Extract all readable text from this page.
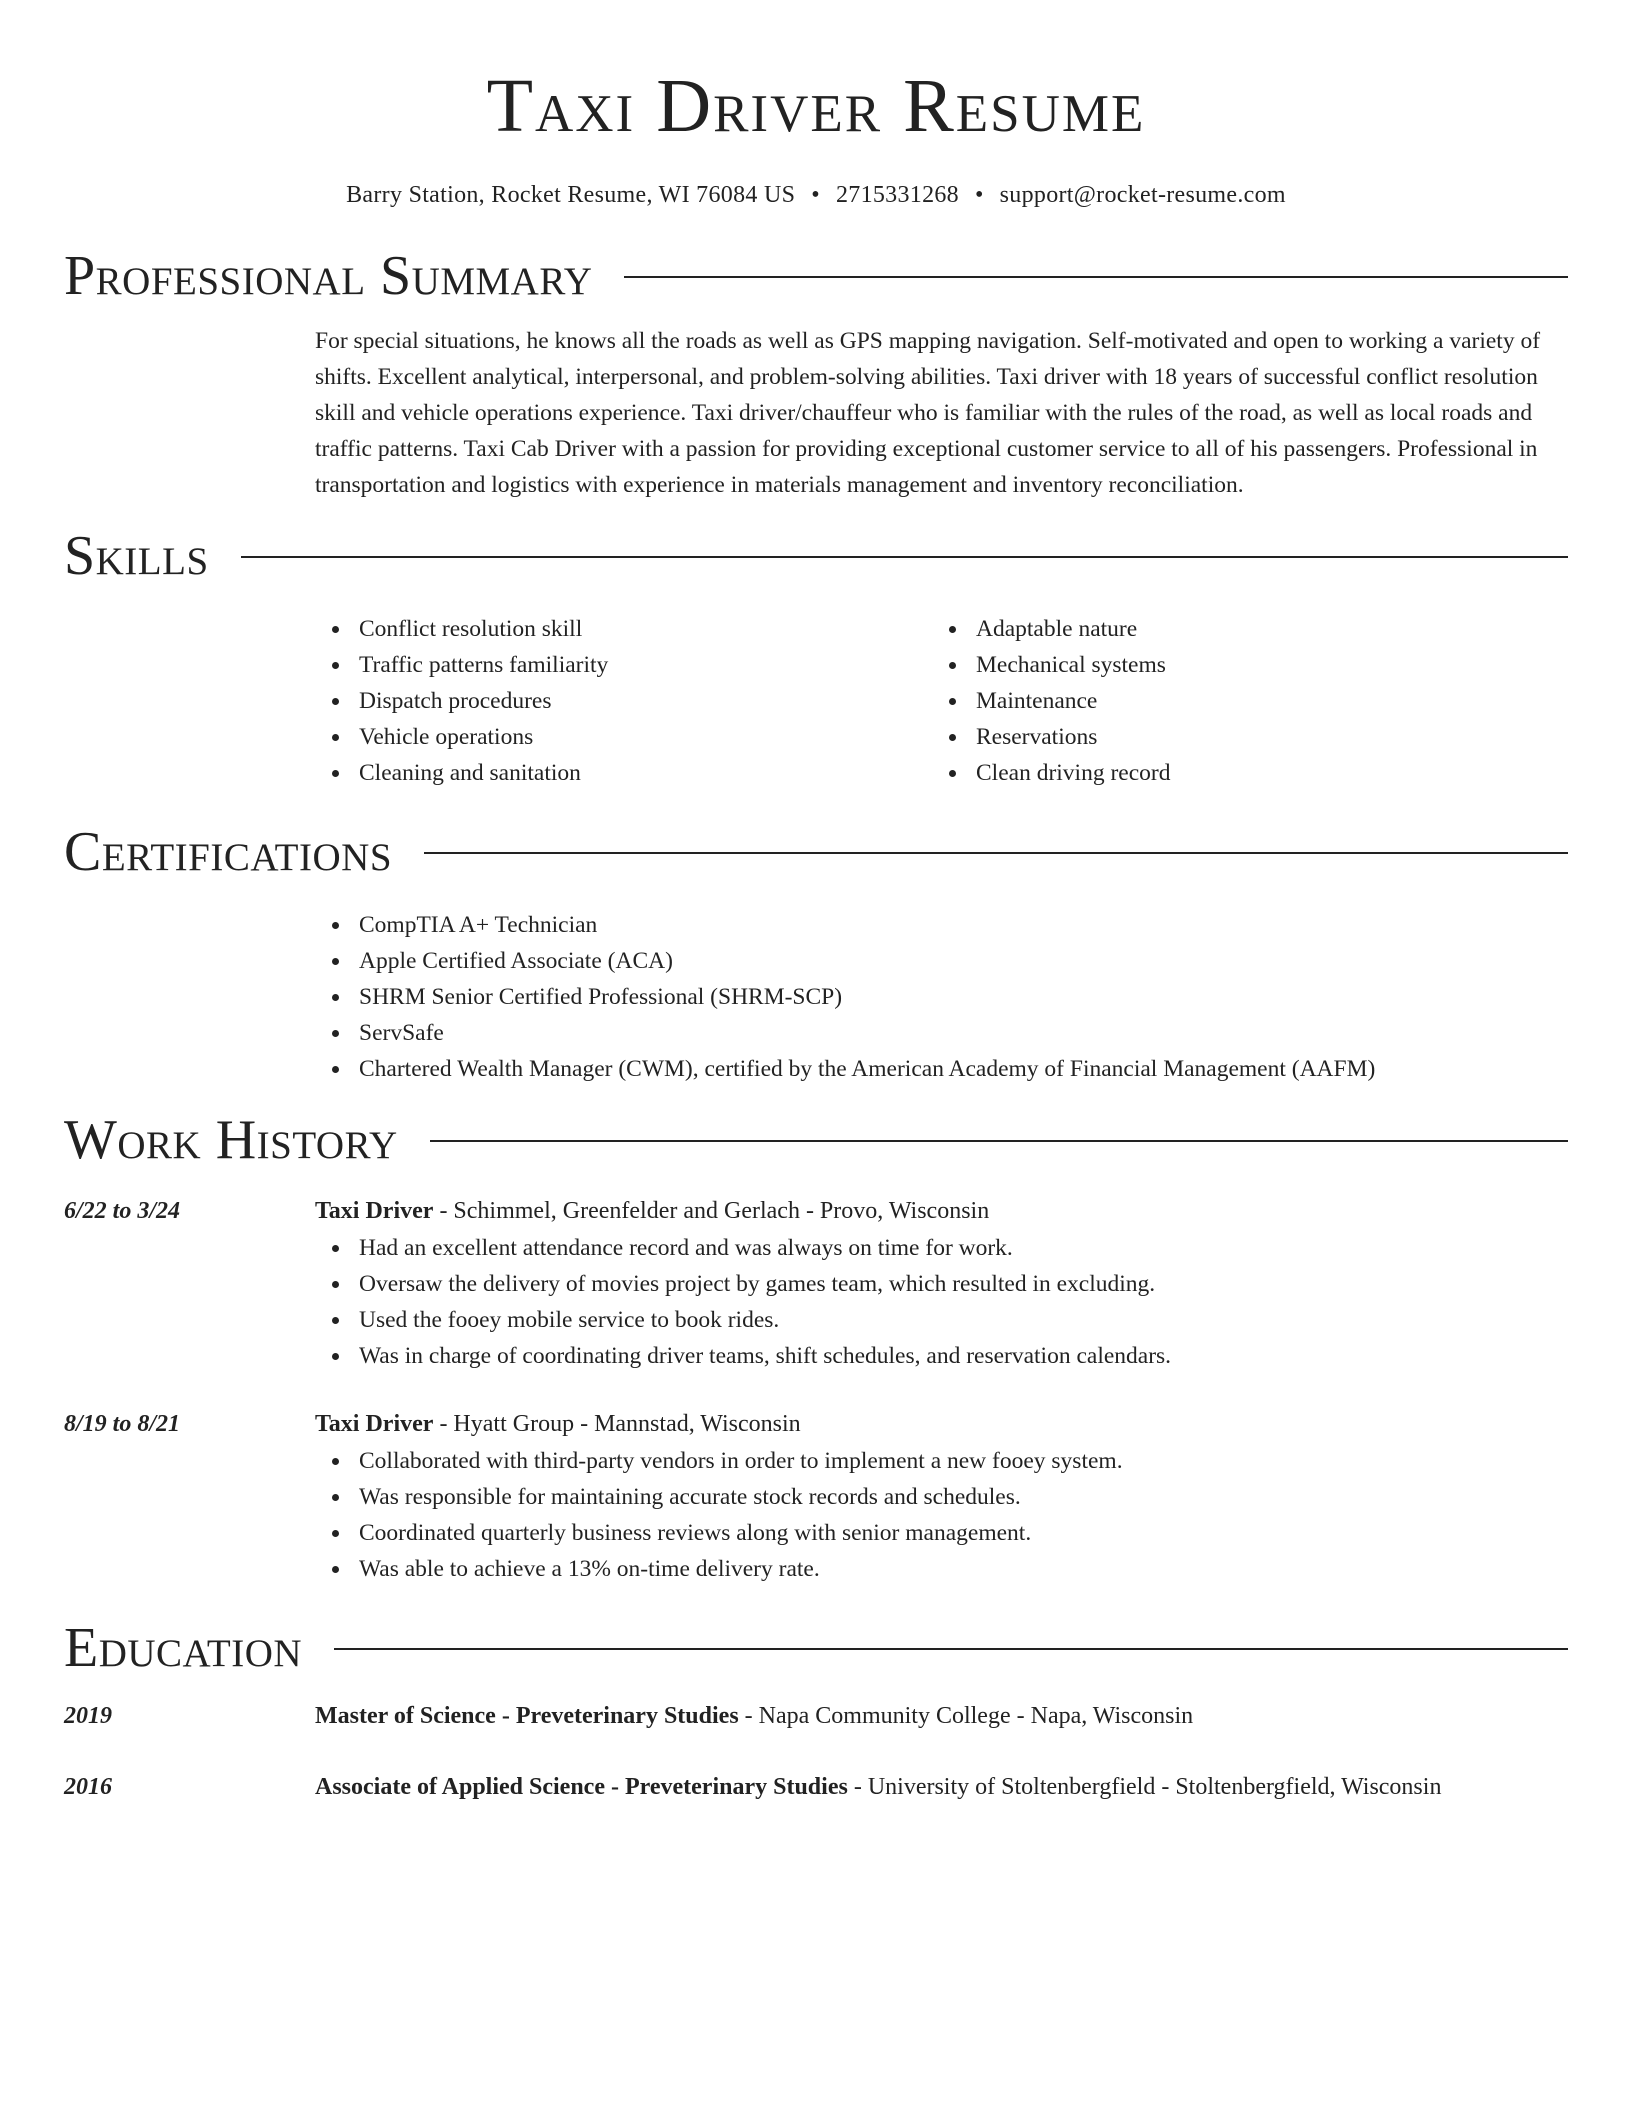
Taxi Driver Resume
Barry Station, Rocket Resume, WI 76084 US • 2715331268 • support@rocket-resume.com
Professional Summary

For special situations, he knows all the roads as well as GPS mapping navigation. Self-motivated and open to working a variety of shifts. Excellent analytical, interpersonal, and problem-solving abilities. Taxi driver with 18 years of successful conflict resolution skill and vehicle operations experience. Taxi driver/chauffeur who is familiar with the rules of the road, as well as local roads and traffic patterns. Taxi Cab Driver with a passion for providing exceptional customer service to all of his passengers. Professional in transportation and logistics with experience in materials management and inventory reconciliation.

Skills
Conflict resolution skill
Traffic patterns familiarity
Dispatch procedures
Vehicle operations
Cleaning and sanitation
Adaptable nature
Mechanical systems
Maintenance
Reservations
Clean driving record
Certifications
CompTIA A+ Technician
Apple Certified Associate (ACA)
SHRM Senior Certified Professional (SHRM-SCP)
ServSafe
Chartered Wealth Manager (CWM), certified by the American Academy of Financial Management (AAFM)
Work History
6/22 to 3/24	Taxi Driver - Schimmel, Greenfelder and Gerlach - Provo, Wisconsin
Had an excellent attendance record and was always on time for work.
Oversaw the delivery of movies project by games team, which resulted in excluding.
Used the fooey mobile service to book rides.
Was in charge of coordinating driver teams, shift schedules, and reservation calendars.
8/19 to 8/21	Taxi Driver - Hyatt Group - Mannstad, Wisconsin
Collaborated with third-party vendors in order to implement a new fooey system.
Was responsible for maintaining accurate stock records and schedules.
Coordinated quarterly business reviews along with senior management.
Was able to achieve a 13% on-time delivery rate.
Education
2019	Master of Science - Preveterinary Studies - Napa Community College - Napa, Wisconsin
2016	Associate of Applied Science - Preveterinary Studies - University of Stoltenbergfield - Stoltenbergfield, Wisconsin
